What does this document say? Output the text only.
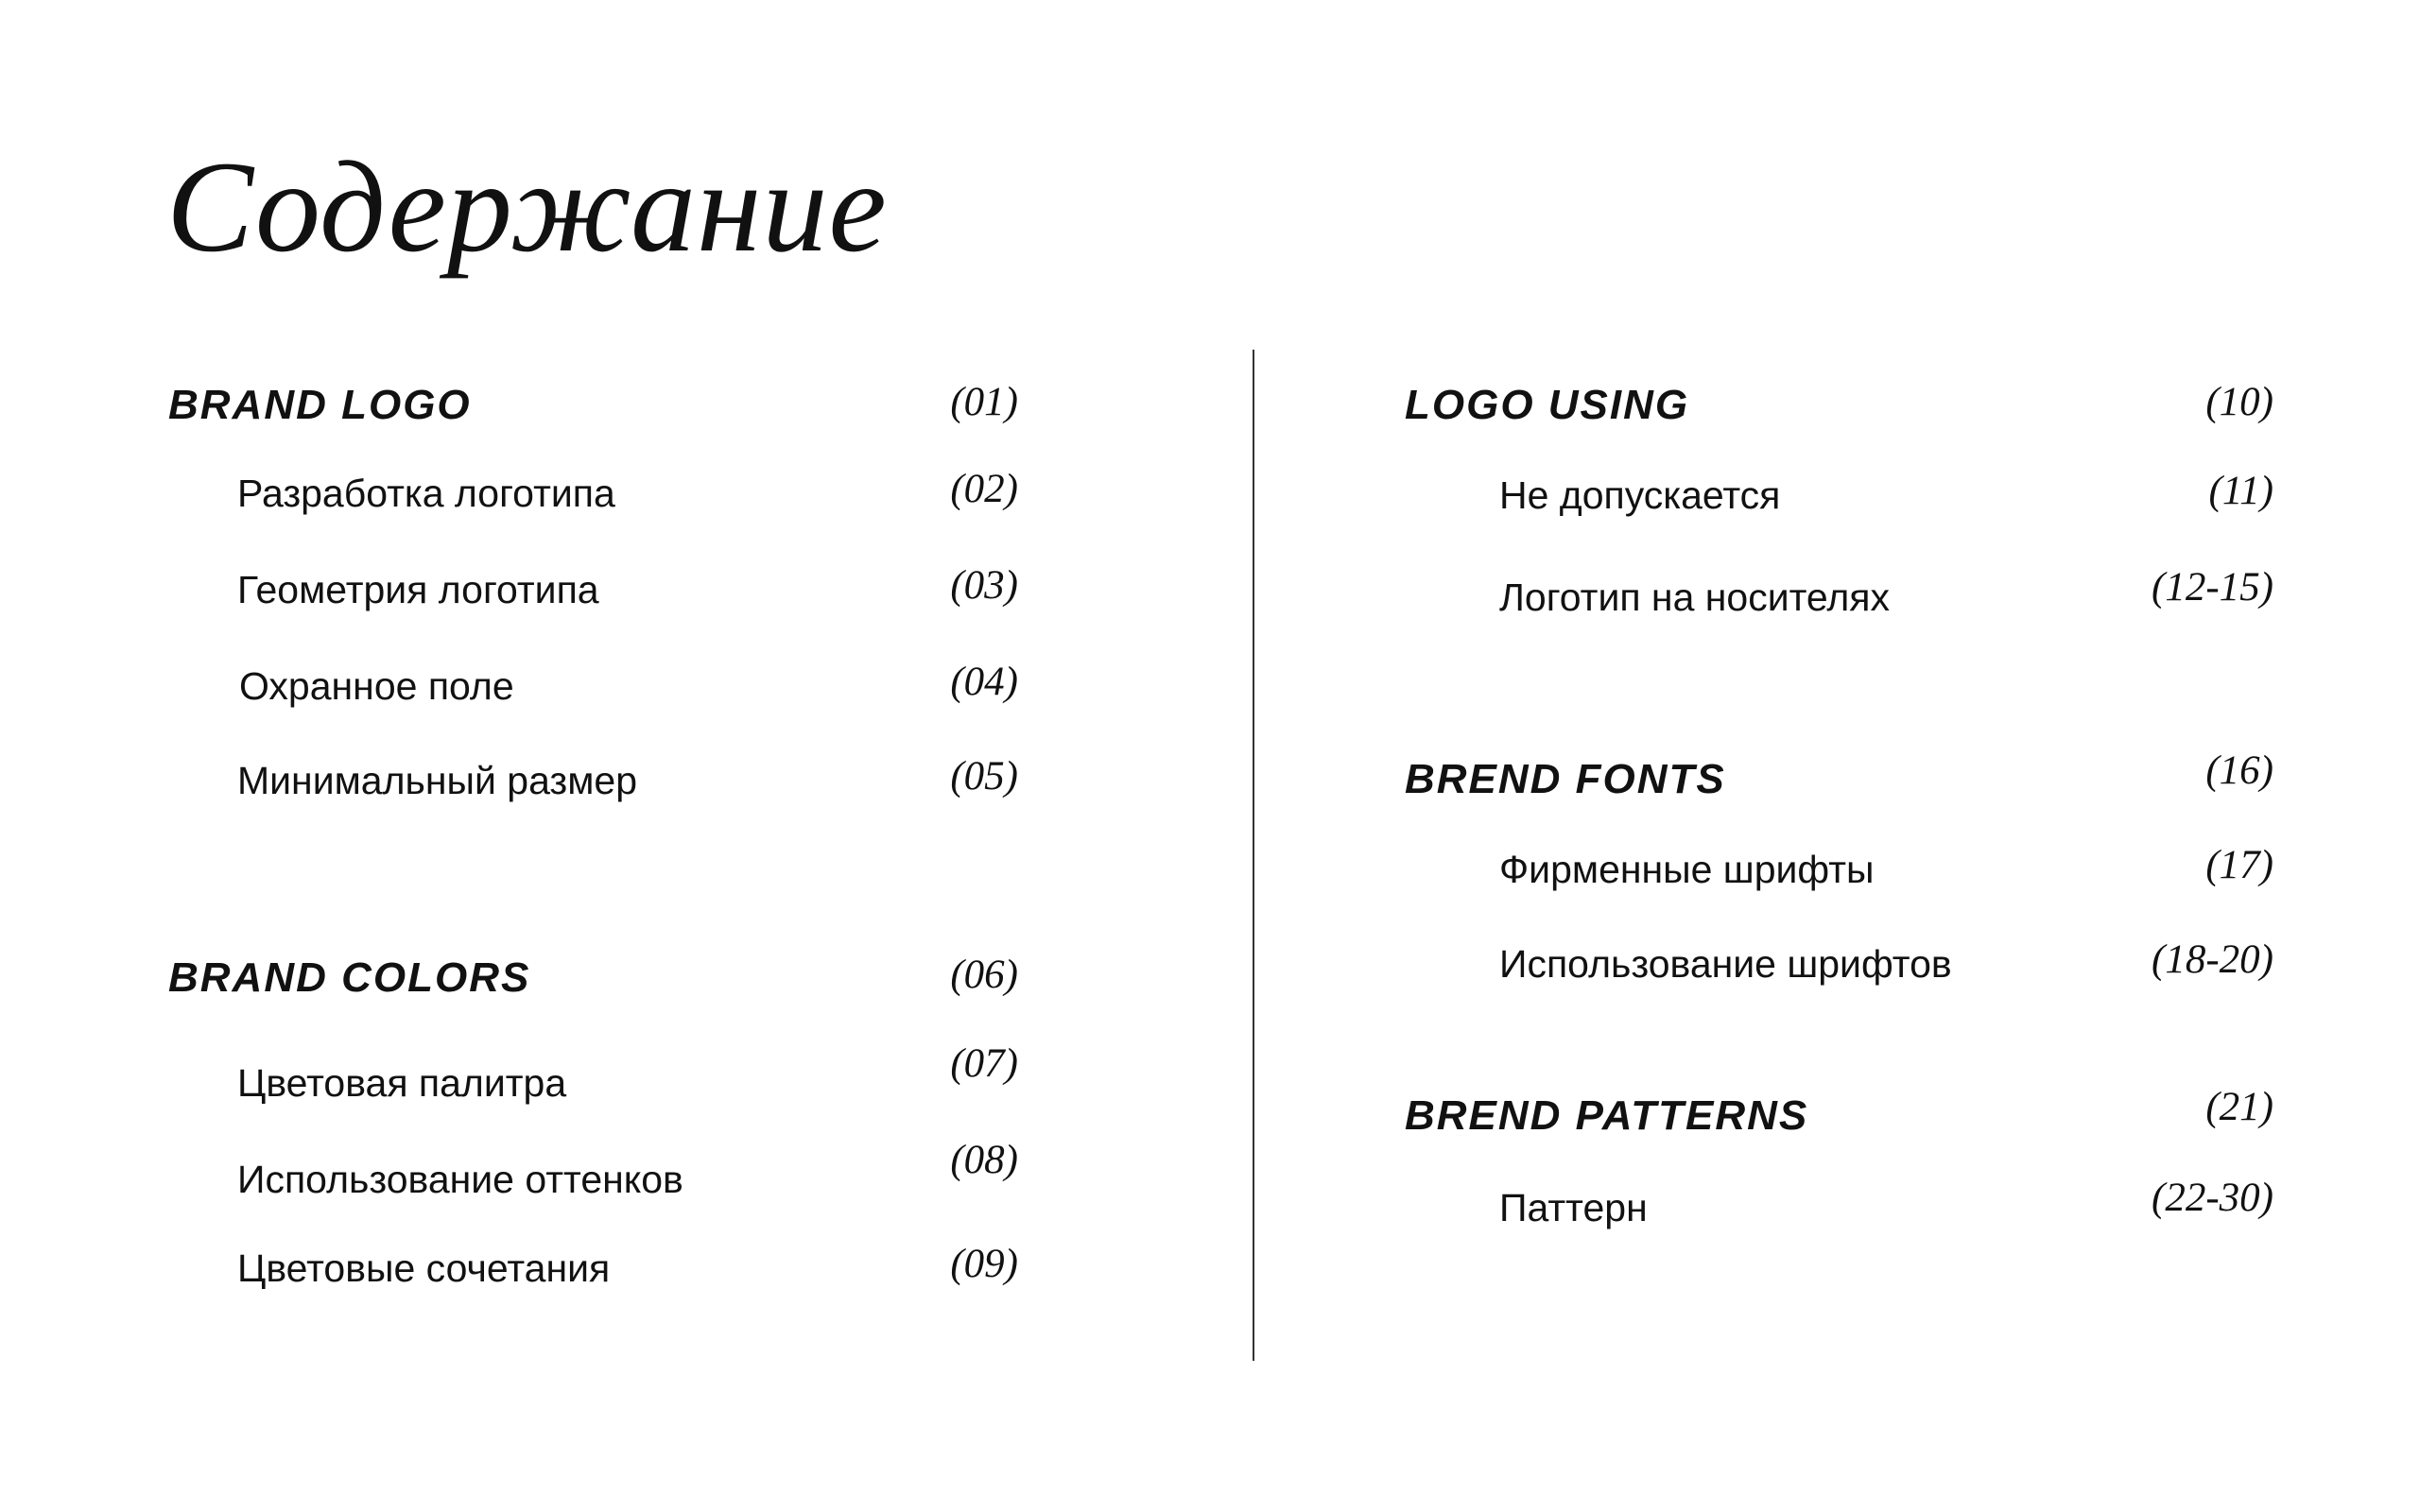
Содержание
BRAND LOGO	(01)
Разработка логотипа	(02)
Геометрия логотипа	(03)
Охранное поле	(04)
Минимальный размер	(05)
BRAND COLORS	(06)
Цветовая палитра	(07)
Использование оттенков	(08)
Цветовые сочетания	(09)
LOGO USING	(10)
Не допускается	(11)
Логотип на носителях	(12-15)
BREND FONTS	(16)
Фирменные шрифты	(17)
Использование шрифтов	(18-20)
BREND PATTERNS	(21)
Паттерн	(22-30)
